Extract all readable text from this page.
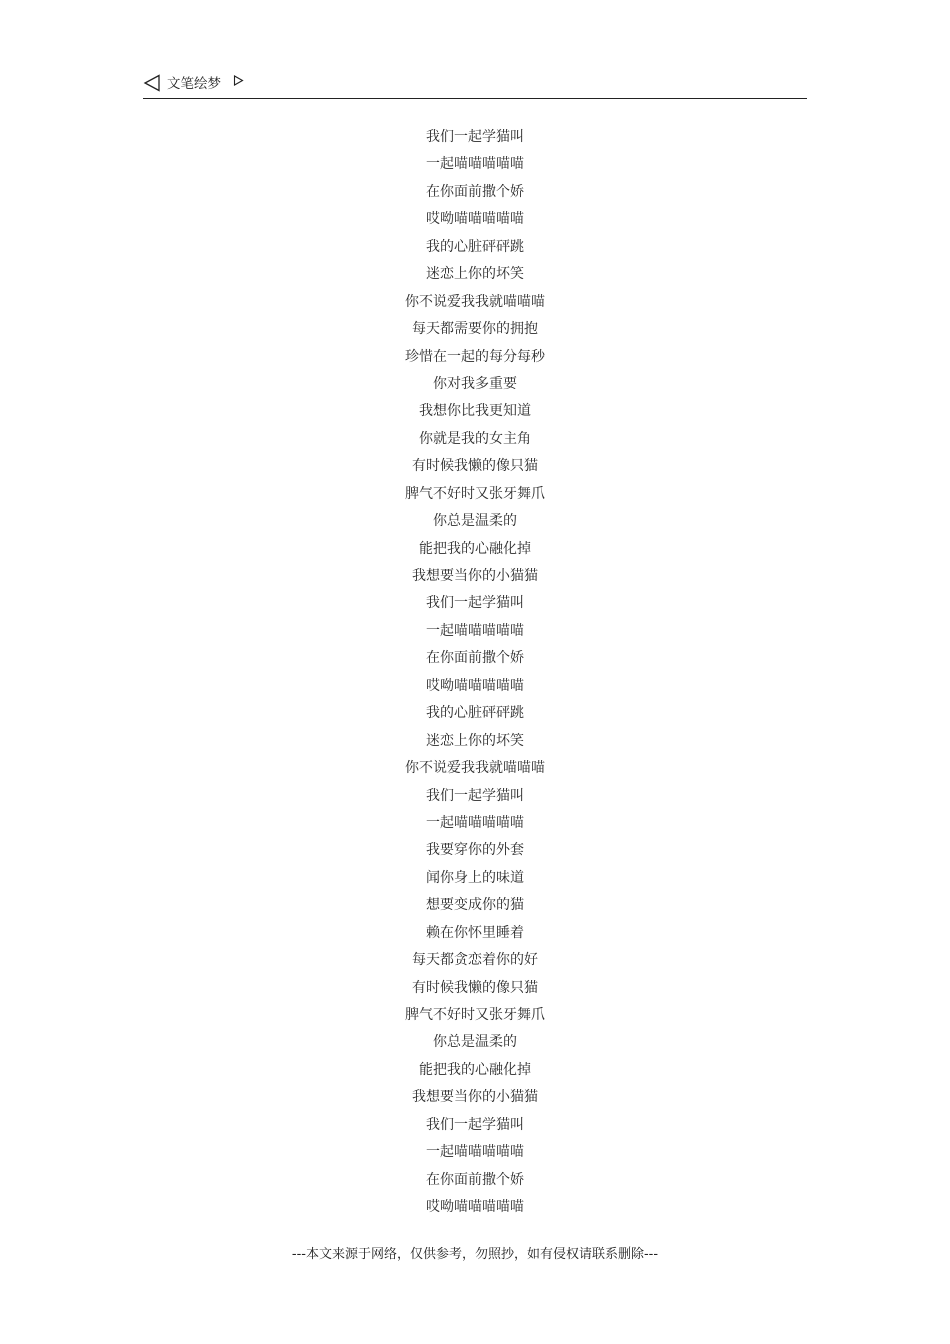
文笔绘梦
我们一起学猫叫
一起喵喵喵喵喵
在你面前撒个娇
哎呦喵喵喵喵喵
我的心脏砰砰跳
迷恋上你的坏笑
你不说爱我我就喵喵喵
每天都需要你的拥抱
珍惜在一起的每分每秒
你对我多重要
我想你比我更知道
你就是我的女主角
有时候我懒的像只猫
脾气不好时又张牙舞爪
你总是温柔的
能把我的心融化掉
我想要当你的小猫猫
我们一起学猫叫
一起喵喵喵喵喵
在你面前撒个娇
哎呦喵喵喵喵喵
我的心脏砰砰跳
迷恋上你的坏笑
你不说爱我我就喵喵喵
我们一起学猫叫
一起喵喵喵喵喵
我要穿你的外套
闻你身上的味道
想要变成你的猫
赖在你怀里睡着
每天都贪恋着你的好
有时候我懒的像只猫
脾气不好时又张牙舞爪
你总是温柔的
能把我的心融化掉
我想要当你的小猫猫
我们一起学猫叫
一起喵喵喵喵喵
在你面前撒个娇
哎呦喵喵喵喵喵
---本文来源于网络，仅供参考，勿照抄，如有侵权请联系删除---
